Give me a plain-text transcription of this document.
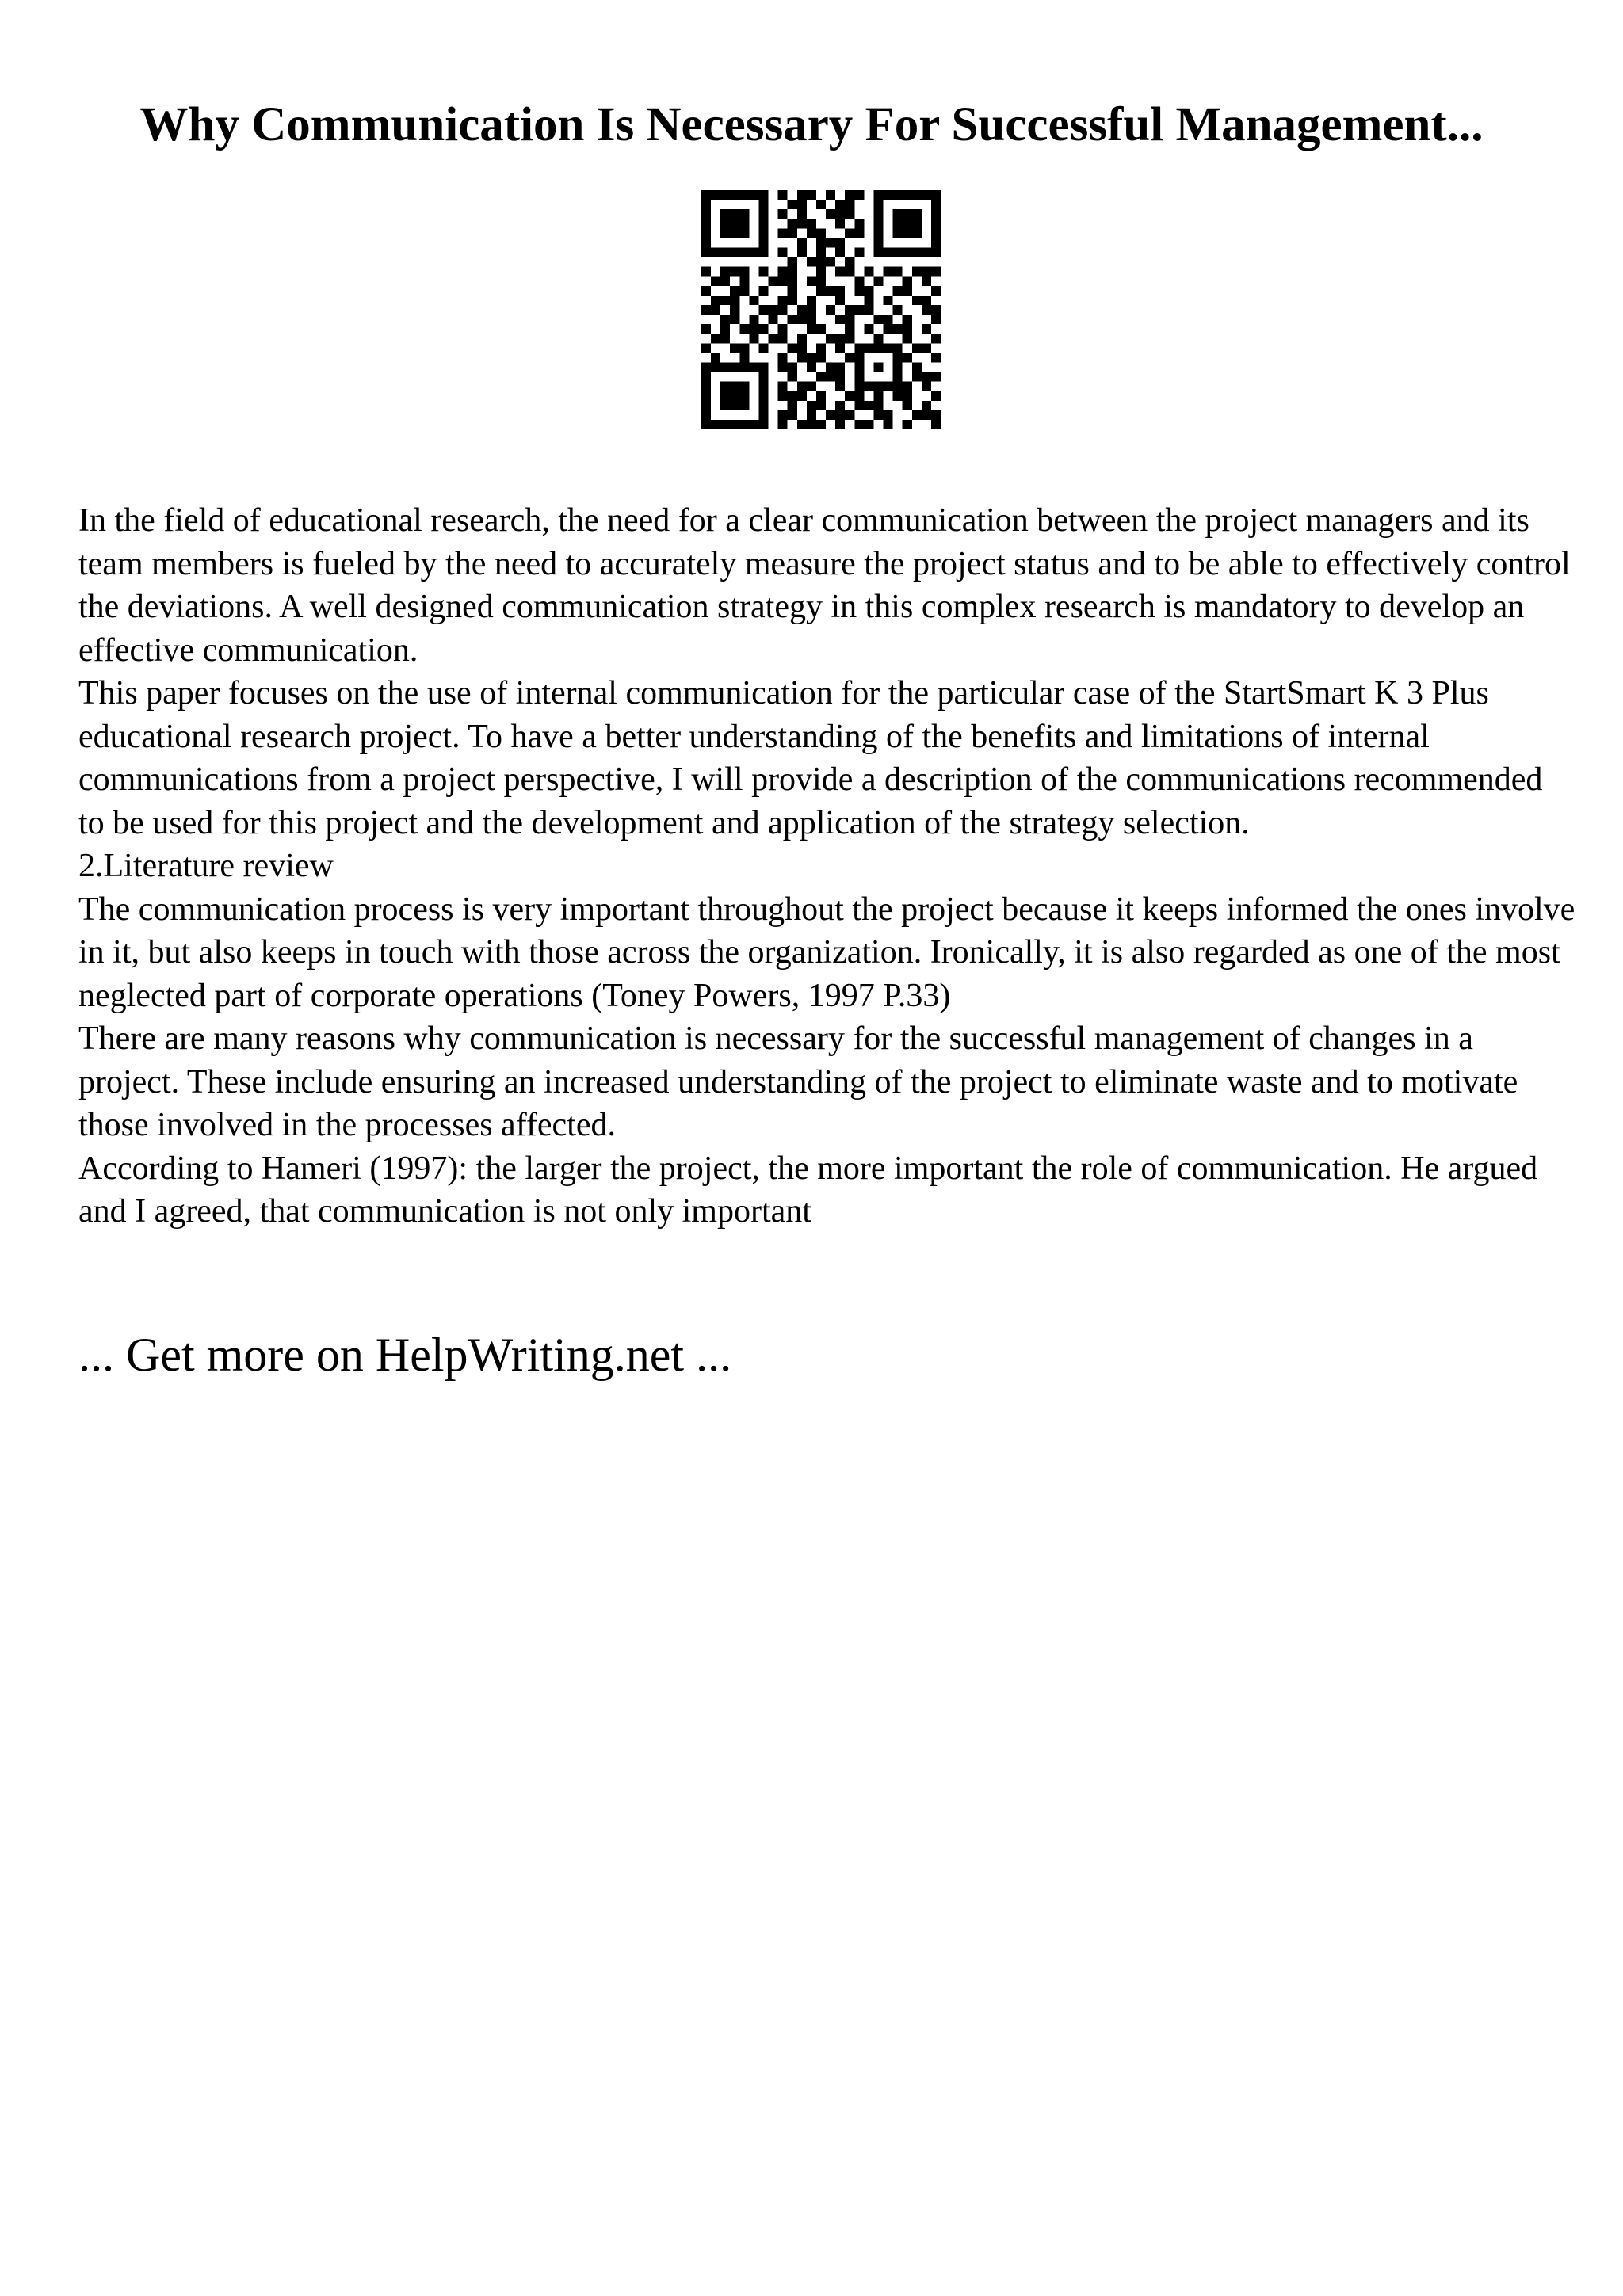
Why Communication Is Necessary For Successful Management...

In the field of educational research, the need for a clear communication between the project managers and its team members is fueled by the need to accurately measure the project status and to be able to effectively control the deviations. A well designed communication strategy in this complex research is mandatory to develop an effective communication.

This paper focuses on the use of internal communication for the particular case of the StartSmart K 3 Plus educational research project. To have a better understanding of the benefits and limitations of internal communications from a project perspective, I will provide a description of the communications recommended to be used for this project and the development and application of the strategy selection.

2.Literature review

The communication process is very important throughout the project because it keeps informed the ones involve in it, but also keeps in touch with those across the organization. Ironically, it is also regarded as one of the most neglected part of corporate operations (Toney Powers, 1997 P.33)

There are many reasons why communication is necessary for the successful management of changes in a project. These include ensuring an increased understanding of the project to eliminate waste and to motivate those involved in the processes affected.

According to Hameri (1997): the larger the project, the more important the role of communication. He argued and I agreed, that communication is not only important

... Get more on HelpWriting.net ...
